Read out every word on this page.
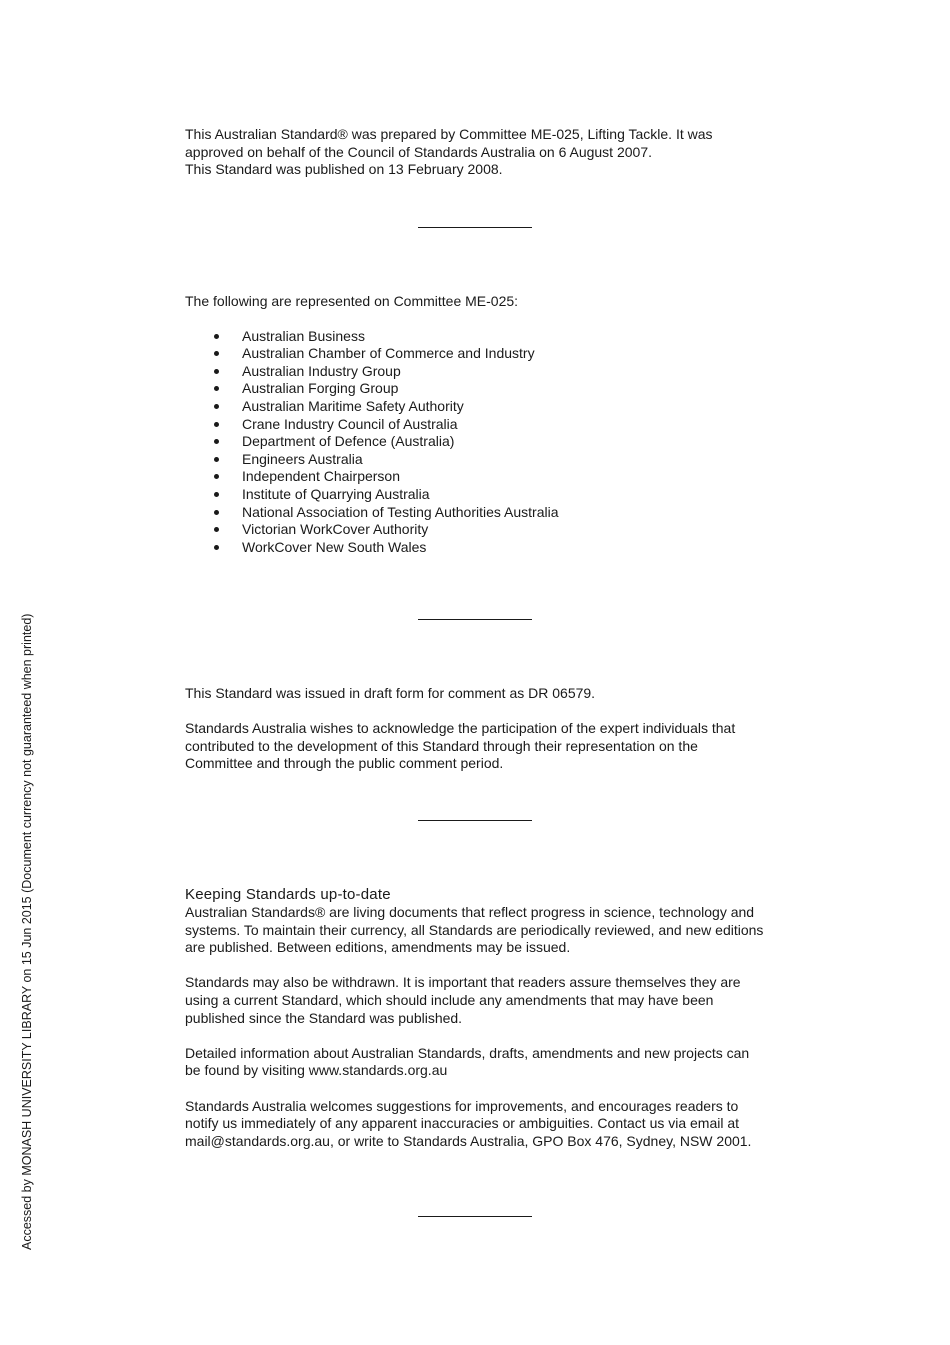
This Australian Standard® was prepared by Committee ME-025, Lifting Tackle. It was

approved on behalf of the Council of Standards Australia on 6 August 2007.

This Standard was published on 13 February 2008.

The following are represented on Committee ME-025:

Australian Business
Australian Chamber of Commerce and Industry
Australian Industry Group
Australian Forging Group
Australian Maritime Safety Authority
Crane Industry Council of Australia
Department of Defence (Australia)
Engineers Australia
Independent Chairperson
Institute of Quarrying Australia
National Association of Testing Authorities Australia
Victorian WorkCover Authority
WorkCover New South Wales

This Standard was issued in draft form for comment as DR 06579.

Standards Australia wishes to acknowledge the participation of the expert individuals that

contributed to the development of this Standard through their representation on the

Committee and through the public comment period.

Keeping Standards up-to-date

Australian Standards® are living documents that reflect progress in science, technology and

systems. To maintain their currency, all Standards are periodically reviewed, and new editions

are published. Between editions, amendments may be issued.

Standards may also be withdrawn. It is important that readers assure themselves they are

using a current Standard, which should include any amendments that may have been

published since the Standard was published.

Detailed information about Australian Standards, drafts, amendments and new projects can

be found by visiting www.standards.org.au

Standards Australia welcomes suggestions for improvements, and encourages readers to

notify us immediately of any apparent inaccuracies or ambiguities. Contact us via email at

mail@standards.org.au, or write to Standards Australia, GPO Box 476, Sydney, NSW 2001.

Accessed by MONASH UNIVERSITY LIBRARY on 15 Jun 2015 (Document currency not guaranteed when printed)
